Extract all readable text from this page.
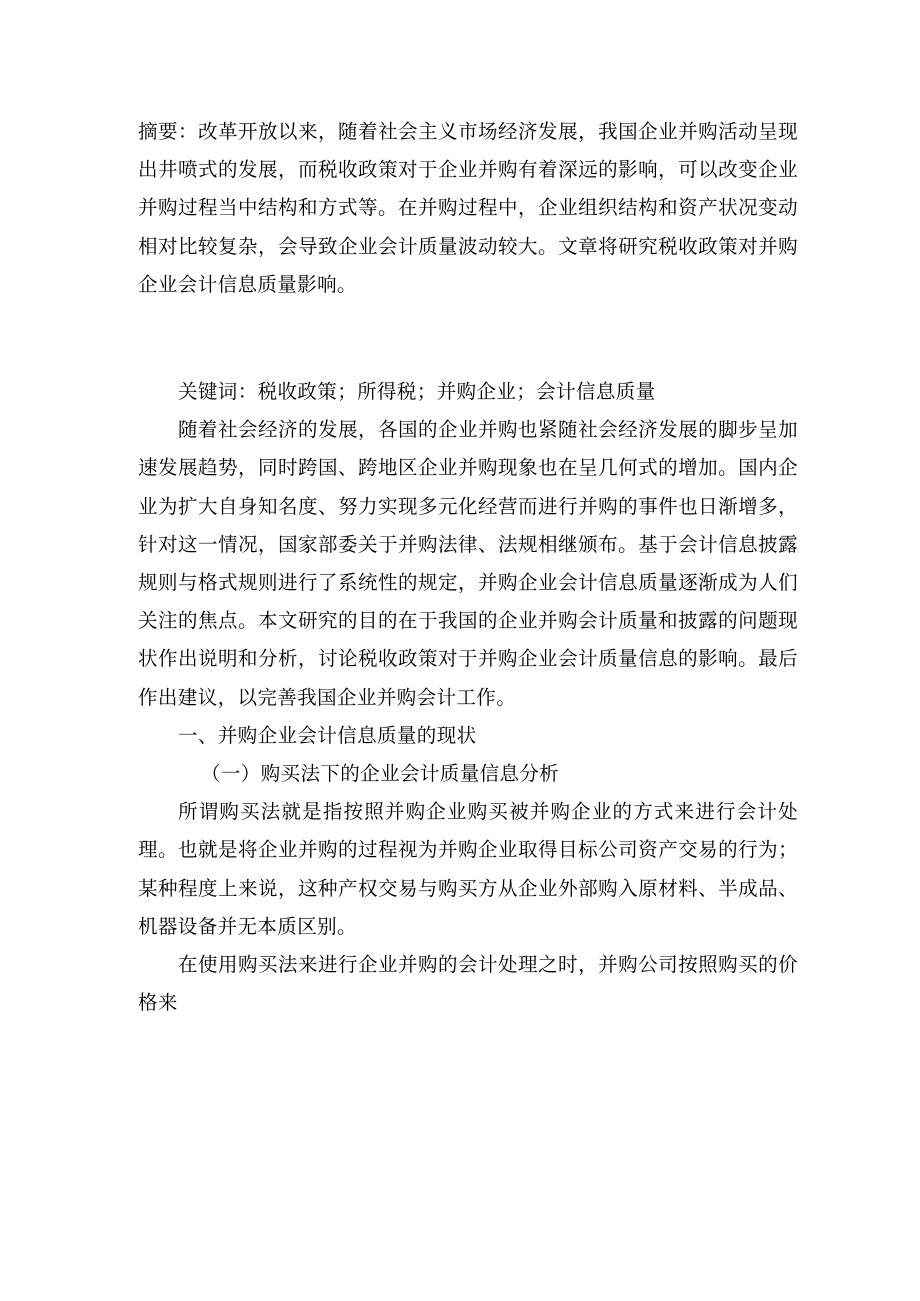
摘要：改革开放以来，随着社会主义市场经济发展，我国企业并购活动呈现出井喷式的发展，而税收政策对于企业并购有着深远的影响，可以改变企业并购过程当中结构和方式等。在并购过程中，企业组织结构和资产状况变动相对比较复杂，会导致企业会计质量波动较大。文章将研究税收政策对并购企业会计信息质量影响。

关键词：税收政策；所得税；并购企业；会计信息质量

随着社会经济的发展，各国的企业并购也紧随社会经济发展的脚步呈加速发展趋势，同时跨国、跨地区企业并购现象也在呈几何式的增加。国内企业为扩大自身知名度、努力实现多元化经营而进行并购的事件也日渐增多，针对这一情况，国家部委关于并购法律、法规相继颁布。基于会计信息披露规则与格式规则进行了系统性的规定，并购企业会计信息质量逐渐成为人们关注的焦点。本文研究的目的在于我国的企业并购会计质量和披露的问题现状作出说明和分析，讨论税收政策对于并购企业会计质量信息的影响。最后作出建议，以完善我国企业并购会计工作。

一、并购企业会计信息质量的现状

（一）购买法下的企业会计质量信息分析

所谓购买法就是指按照并购企业购买被并购企业的方式来进行会计处理。也就是将企业并购的过程视为并购企业取得目标公司资产交易的行为；某种程度上来说，这种产权交易与购买方从企业外部购入原材料、半成品、机器设备并无本质区别。

在使用购买法来进行企业并购的会计处理之时，并购公司按照购买的价格来
